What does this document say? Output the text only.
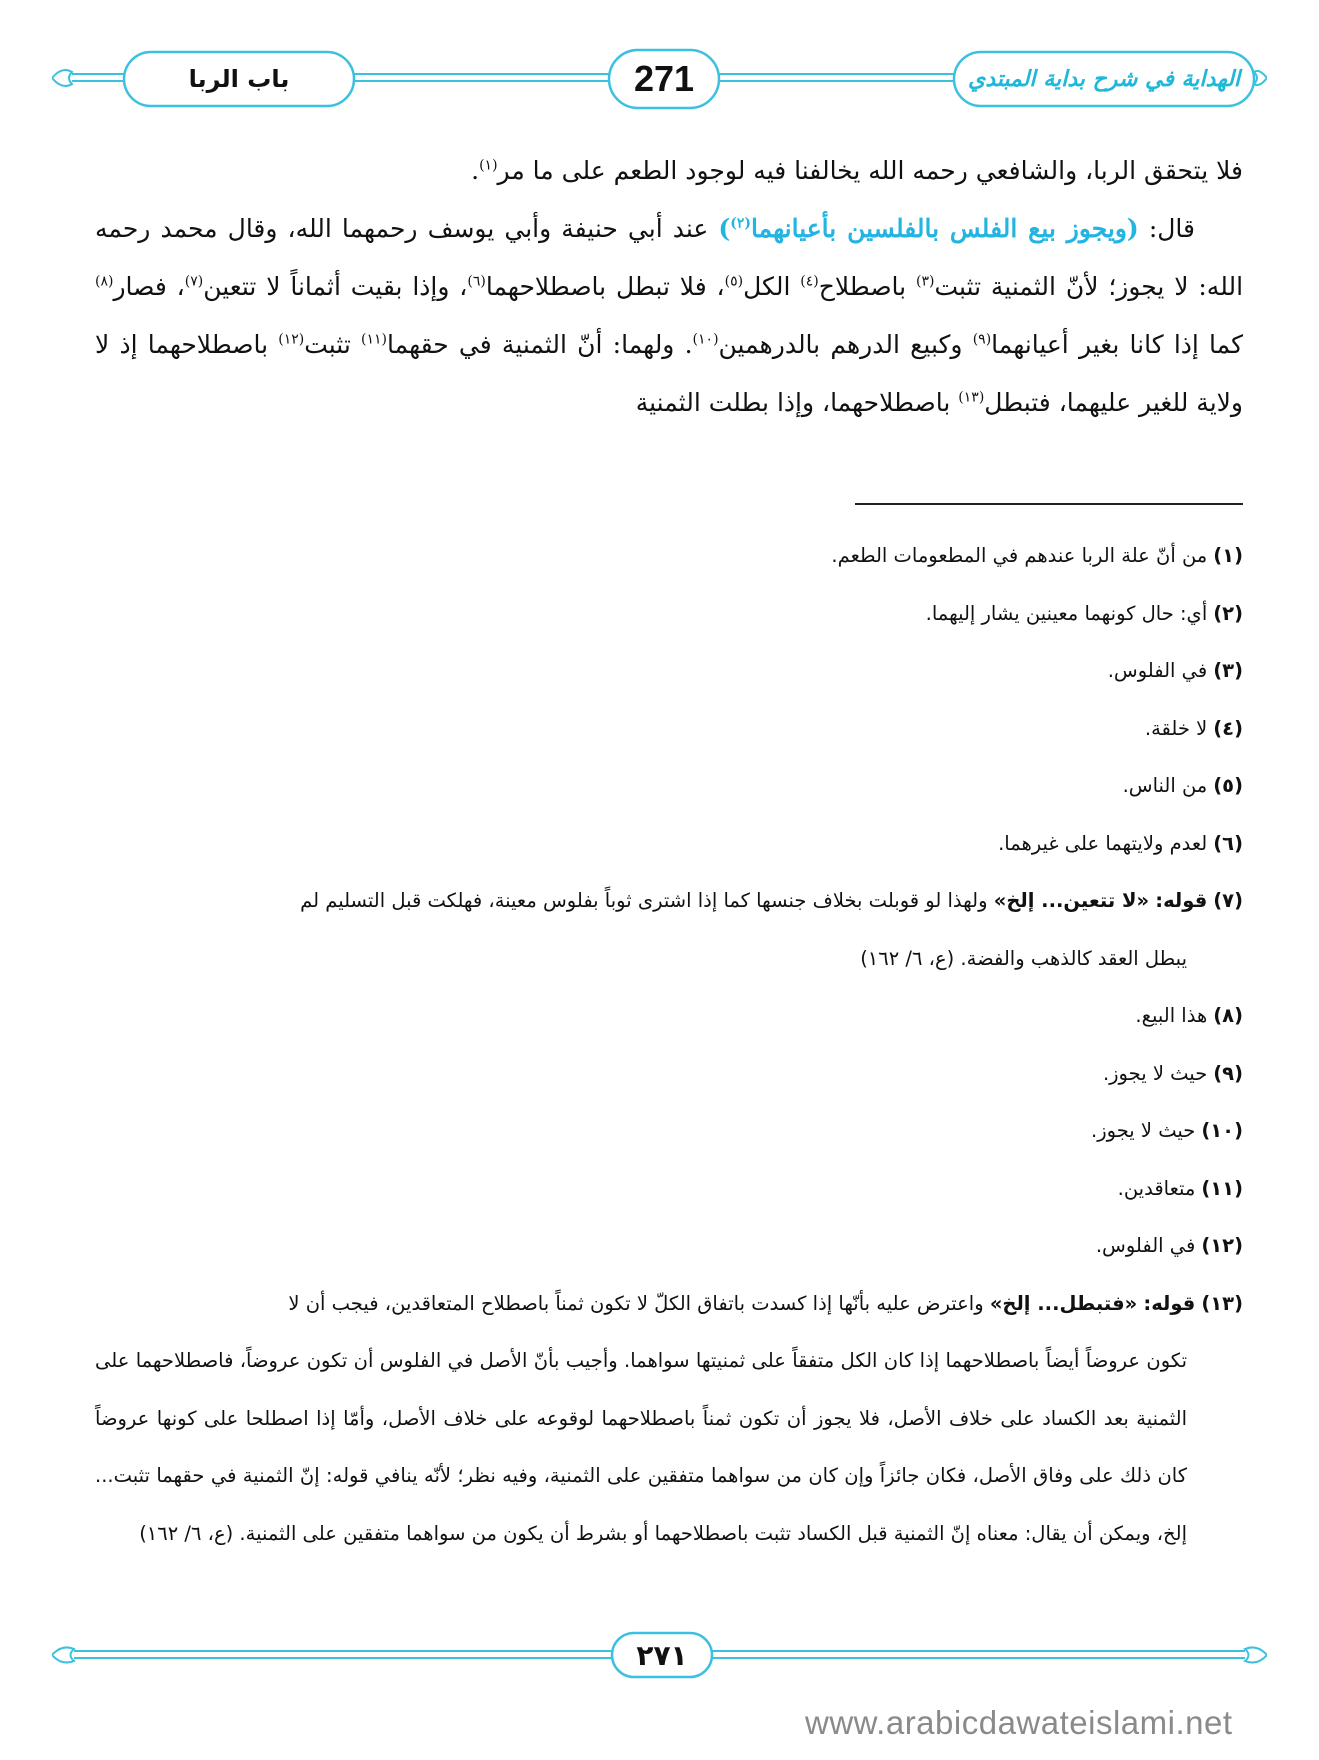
باب الربا	271	الهداية في شرح بداية المبتدي

فلا يتحقق الربا، والشافعي رحمه الله يخالفنا فيه لوجود الطعم على ما مر$^{(١)}$.

قال: (ويجوز بيع الفلس بالفلسين بأعيانهما$^{(٢)}$) عند أبي حنيفة وأبي يوسف رحمهما الله، وقال محمد رحمه الله: لا يجوز؛ لأنّ الثمنية تثبت$^{(٣)}$ باصطلاح$^{(٤)}$ الكل$^{(٥)}$، فلا تبطل باصطلاحهما$^{(٦)}$، وإذا بقيت أثماناً لا تتعين$^{(٧)}$، فصار$^{(٨)}$ كما إذا كانا بغير أعيانهما$^{(٩)}$ وكبيع الدرهم بالدرهمين$^{(١٠)}$. ولهما: أنّ الثمنية في حقهما$^{(١١)}$ تثبت$^{(١٢)}$ باصطلاحهما إذ لا ولاية للغير عليهما، فتبطل$^{(١٣)}$ باصطلاحهما، وإذا بطلت الثمنية

(١)من أنّ علة الربا عندهم في المطعومات الطعم.

(٢)أي: حال كونهما معينين يشار إليهما.

(٣)في الفلوس.

(٤)لا خلقة.

(٥)من الناس.

(٦)لعدم ولايتهما على غيرهما.

(٧)قوله: «لا تتعين... إلخ» ولهذا لو قوبلت بخلاف جنسها كما إذا اشترى ثوباً بفلوس معينة، فهلكت قبل التسليم لم
يبطل العقد كالذهب والفضة. (ع، ٦/ ١٦٢)

(٨)هذا البيع.

(٩)حيث لا يجوز.

(١٠)حيث لا يجوز.

(١١)متعاقدين.

(١٢)في الفلوس.

(١٣)قوله: «فتبطل... إلخ» واعترض عليه بأنّها إذا كسدت باتفاق الكلّ لا تكون ثمناً باصطلاح المتعاقدين، فيجب أن لا
تكون عروضاً أيضاً باصطلاحهما إذا كان الكل متفقاً على ثمنيتها سواهما. وأجيب بأنّ الأصل في الفلوس أن تكون عروضاً، فاصطلاحهما على الثمنية بعد الكساد على خلاف الأصل، فلا يجوز أن تكون ثمناً باصطلاحهما لوقوعه على خلاف الأصل، وأمّا إذا اصطلحا على كونها عروضاً كان ذلك على وفاق الأصل، فكان جائزاً وإن كان من سواهما متفقين على الثمنية، وفيه نظر؛ لأنّه ينافي قوله: إنّ الثمنية في حقهما تثبت... إلخ، ويمكن أن يقال: معناه إنّ الثمنية قبل الكساد تثبت باصطلاحهما أو بشرط أن يكون من سواهما متفقين على الثمنية. (ع، ٦/ ١٦٢)

٢٧١
www.arabicdawateislami.net
